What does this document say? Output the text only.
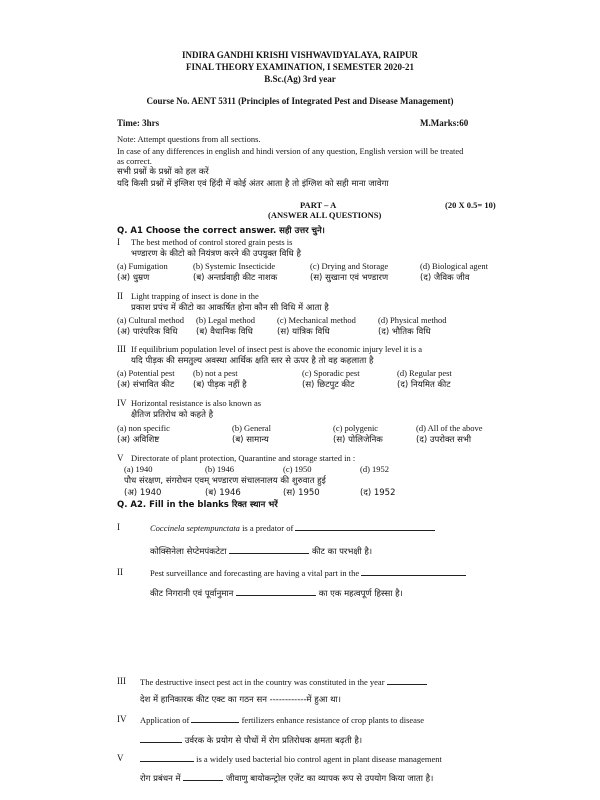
INDIRA GANDHI KRISHI VISHWAVIDYALAYA, RAIPUR
FINAL THEORY EXAMINATION, I SEMESTER 2020-21
B.Sc.(Ag) 3rd year
Course No. AENT 5311 (Principles of Integrated Pest and Disease Management)
Time: 3hrs	M.Marks:60
Note: Attempt questions from all sections.
In case of any differences in english and hindi version of any question, English version will be treated
as correct.
सभी प्रश्नों के प्रश्नों को हल करें
यदि किसी प्रश्नों में इंग्लिश एवं हिंदी में कोई अंतर आता है तो इंग्लिश को सही माना जावेगा
PART – A	(20 X 0.5= 10)
(ANSWER ALL QUESTIONS)
Q. A1 Choose the correct answer. सही उत्तर चुने।
I The best method of control stored grain pests is
भण्डारण के कीटो को नियंत्रण करने की उपयुक्त विधि है
(a) Fumigation	(b) Systemic Insecticide	(c) Drying and Storage	(d) Biological agent
(अ) धुम्रण	(ब) अन्तर्प्रवाही कीट नाशक	(स) सुखाना एवं भण्डारण	(द) जैविक जीव
II Light trapping of insect is done in the
प्रकाश प्रपंच में कीटो का आकर्षित होना कौन सी विधि में आता है
(a) Cultural method (b) Legal method	(c) Mechanical method	(d) Physical method
(अ) पारंपरिक विधि (ब) वैधानिक विधि	(स) यांत्रिक विधि	(द) भौतिक विधि
III If equilibrium population level of insect pest is above the economic injury level it is a
यदि पीड़क की समतुल्य अवस्था आर्थिक क्षति स्तर से ऊपर है तो वह कहलाता है
(a) Potential pest (b) not a pest	(c) Sporadic pest	(d) Regular pest
(अ) संभावित कीट (ब) पीड़क नहीं है	(स) छिटपुट कीट	(द) नियमित कीट
IV Horizontal resistance is also known as
क्षैतिज प्रतिरोध को कहते है
(a) non specific	(b) General	(c) polygenic	(d) All of the above
(अ) अविशिष्ट	(ब) सामान्य	(स) पोलिजेनिक	(द) उपरोक्त सभी
V Directorate of plant protection, Quarantine and storage started in :
(a) 1940	(b) 1946	(c) 1950	(d) 1952
पौध संरक्षण, संगरोधन एवम् भण्डारण संचालनालय की शुरुवात हुई
(अ) 1940	(ब) 1946	(स) 1950	(द) 1952
Q. A2. Fill in the blanks रिक्त स्थान भरें
I	Coccinela septempunctata is a predator of
कोक्सिनेला सेप्टेमपंकटेटा	कीट का परभक्षी है।
II	Pest surveillance and forecasting are having a vital part in the
कीट निगरानी एवं पूर्वानुमान	का एक महत्वपूर्ण हिस्सा है।
III The destructive insect pest act in the country was constituted in the year
देश में हानिकारक कीट एक्ट का गठन सन ------------में हुआ था।
IV Application of	fertilizers enhance resistance of crop plants to disease
उर्वरक के प्रयोग से पौधों में रोग प्रतिरोधक क्षमता बढ़ती है।
V	is a widely used bacterial bio control agent in plant disease management
रोग प्रबंधन में	जीवाणु बायोकन्ट्रोल एजेंट का व्यापक रूप से उपयोग किया जाता है।
